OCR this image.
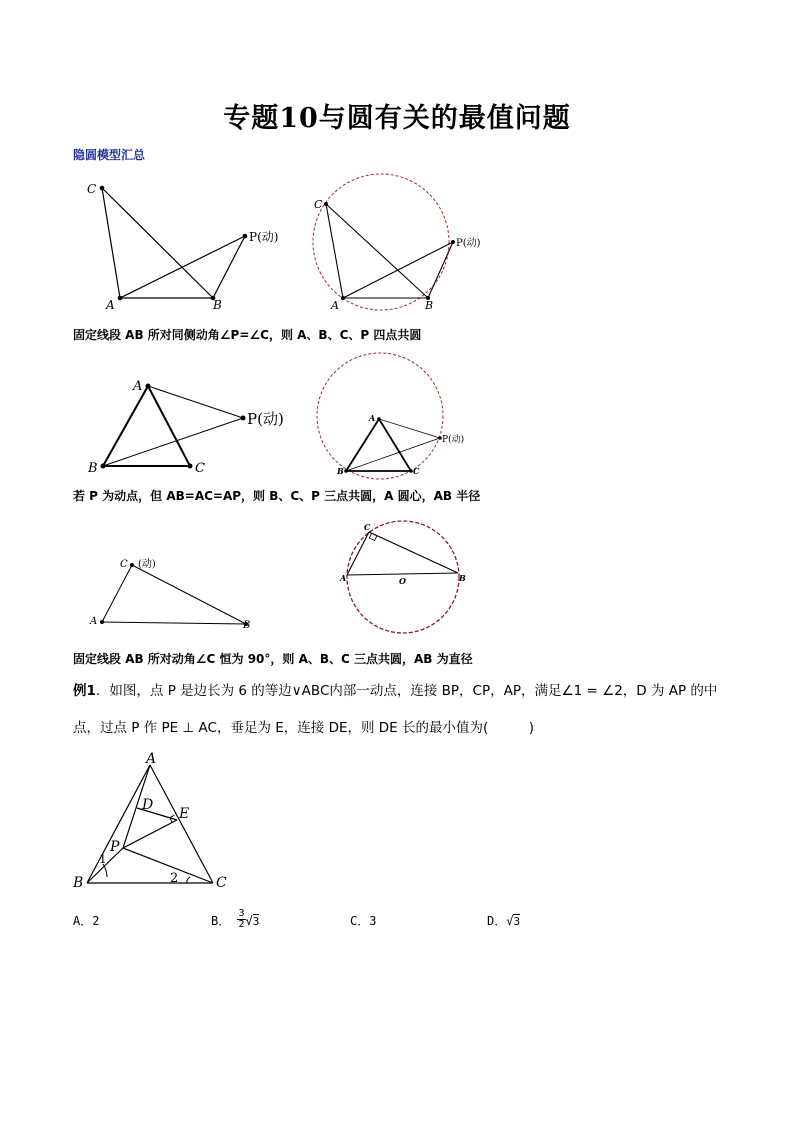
专题10与圆有关的最值问题
隐圆模型汇总
C
A	B
P(动)
C
A	B
P(动)
固定线段 AB 所对同侧动角∠P=∠C，则 A、B、C、P 四点共圆
A
B	C
P(动)	A
B	C
P(动)
若 P 为动点，但 AB=AC=AP，则 B、C、P 三点共圆，A 圆心，AB 半径
C (动)
A	B
C
A	B
O
固定线段 AB 所对动角∠C 恒为 90°，则 A、B、C 三点共圆，AB 为直径
例1．如图，点 P 是边长为 6 的等边∨ABC内部一动点，连接 BP，CP，AP，满足∠1 = ∠2，D 为 AP 的中
点，过点 P 作 PE ⊥ AC，垂足为 E，连接 DE，则 DE 长的最小值为(　　　)
A
D
E
P
B	C
1
2
A．2	B． $\frac{3}{2} √3$	C．3	D．√3
